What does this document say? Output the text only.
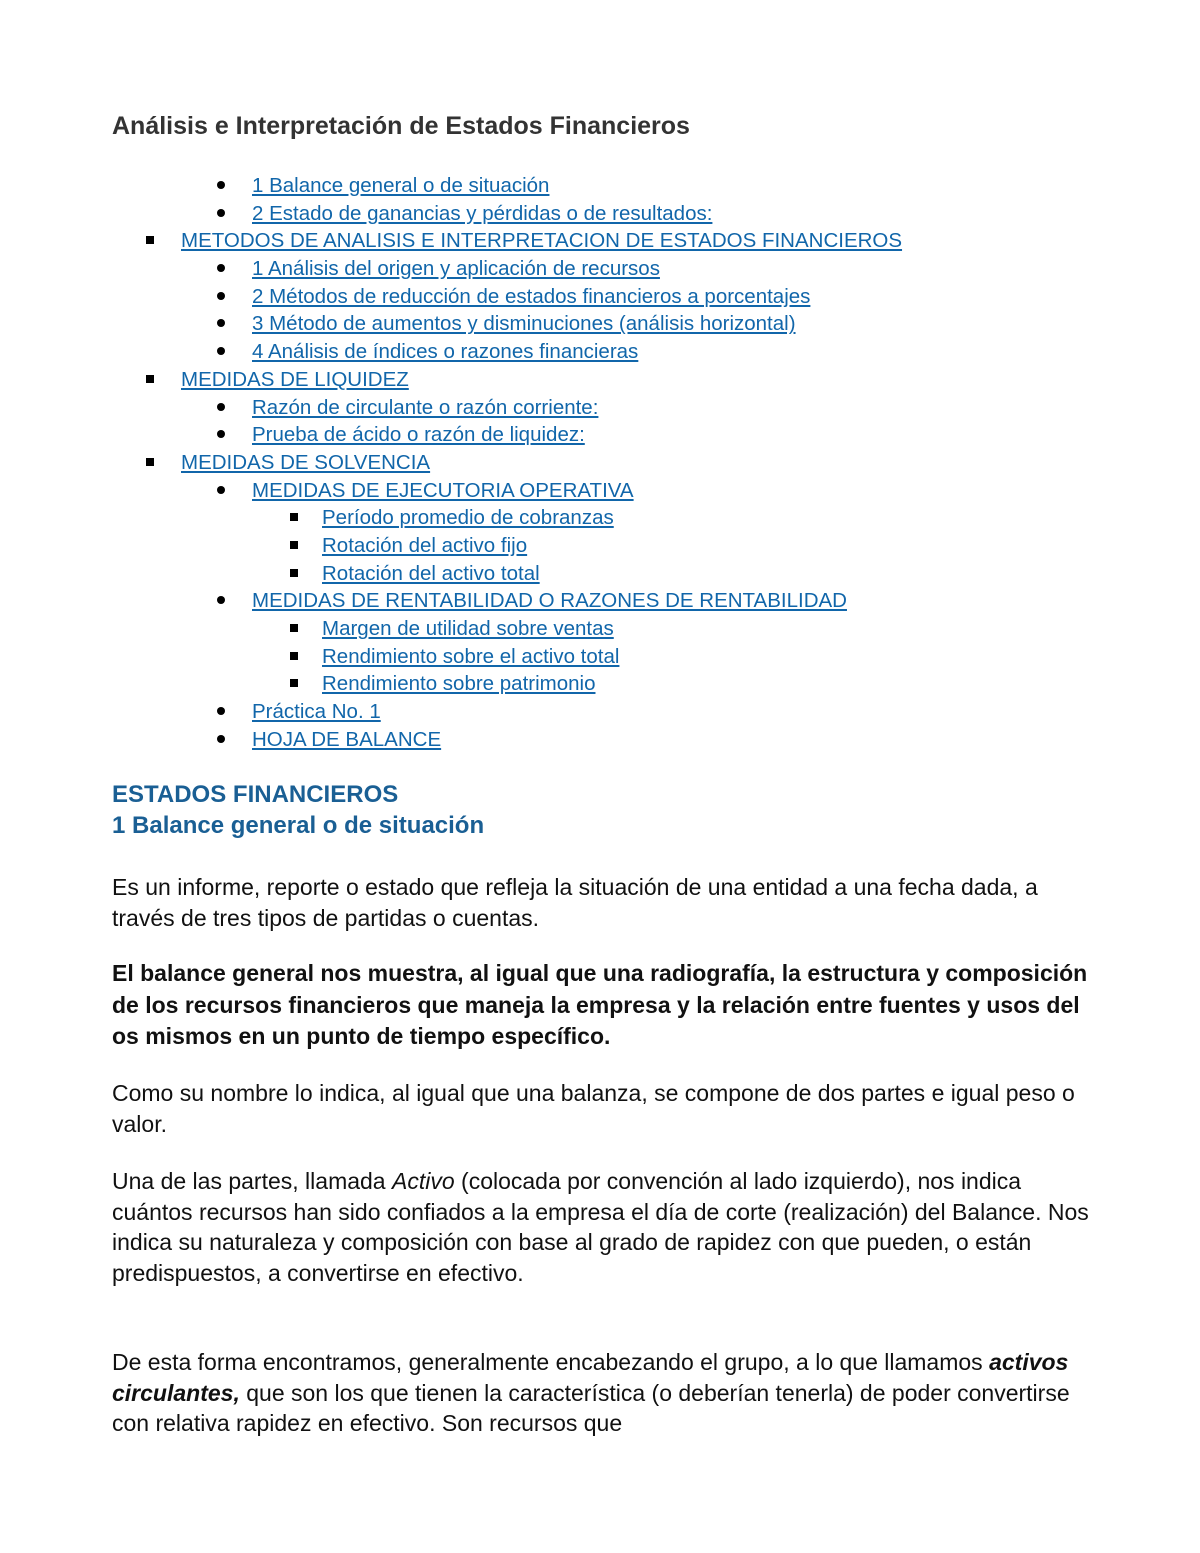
Análisis e Interpretación de Estados Financieros
1 Balance general o de situación
2 Estado de ganancias y pérdidas o de resultados:
METODOS DE ANALISIS E INTERPRETACION DE ESTADOS FINANCIEROS
1 Análisis del origen y aplicación de recursos
2 Métodos de reducción de estados financieros a porcentajes
3 Método de aumentos y disminuciones (análisis horizontal)
4 Análisis de índices o razones financieras
MEDIDAS DE LIQUIDEZ
Razón de circulante o razón corriente:
Prueba de ácido o razón de liquidez:
MEDIDAS DE SOLVENCIA
MEDIDAS DE EJECUTORIA OPERATIVA
Período promedio de cobranzas
Rotación del activo fijo
Rotación del activo total
MEDIDAS DE RENTABILIDAD O RAZONES DE RENTABILIDAD
Margen de utilidad sobre ventas
Rendimiento sobre el activo total
Rendimiento sobre patrimonio
Práctica No. 1
HOJA DE BALANCE
ESTADOS FINANCIEROS
1 Balance general o de situación

Es un informe, reporte o estado que refleja la situación de una entidad a una fecha dada, a través de tres tipos de partidas o cuentas.

El balance general nos muestra, al igual que una radiografía, la estructura y composición de los recursos financieros que maneja la empresa y la relación entre fuentes y usos del os mismos en un punto de tiempo específico.

Como su nombre lo indica, al igual que una balanza, se compone de dos partes e igual peso o valor.

Una de las partes, llamada Activo (colocada por convención al lado izquierdo), nos indica cuántos recursos han sido confiados a la empresa el día de corte (realización) del Balance. Nos indica su naturaleza y composición con base al grado de rapidez con que pueden, o están predispuestos, a convertirse en efectivo.

De esta forma encontramos, generalmente encabezando el grupo, a lo que llamamos activos circulantes, que son los que tienen la característica (o deberían tenerla) de poder convertirse con relativa rapidez en efectivo. Son recursos que
